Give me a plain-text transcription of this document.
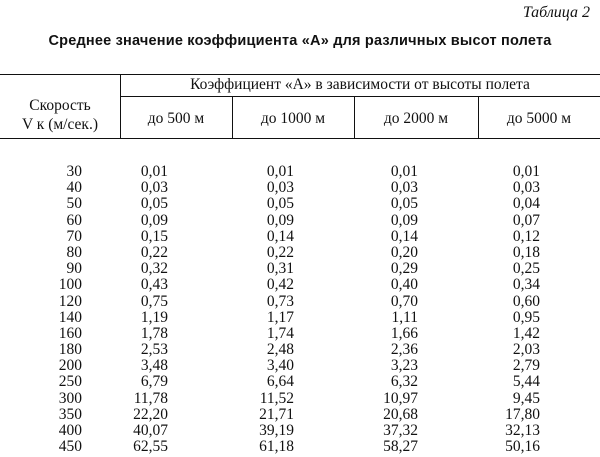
Таблица 2
Среднее значение коэффициента «А» для различных высот полета
Скорость
V к (м/сек.)
Коэффициент «А» в зависимости от высоты полета
до 500 м	до 1000 м	до 2000 м	до 5000 м
30	0,01	0,01	0,01	0,01
40	0,03	0,03	0,03	0,03
50	0,05	0,05	0,05	0,04
60	0,09	0,09	0,09	0,07
70	0,15	0,14	0,14	0,12
80	0,22	0,22	0,20	0,18
90	0,32	0,31	0,29	0,25
100	0,43	0,42	0,40	0,34
120	0,75	0,73	0,70	0,60
140	1,19	1,17	1,11	0,95
160	1,78	1,74	1,66	1,42
180	2,53	2,48	2,36	2,03
200	3,48	3,40	3,23	2,79
250	6,79	6,64	6,32	5,44
300	11,78	11,52	10,97	9,45
350	22,20	21,71	20,68	17,80
400	40,07	39,19	37,32	32,13
450	62,55	61,18	58,27	50,16
